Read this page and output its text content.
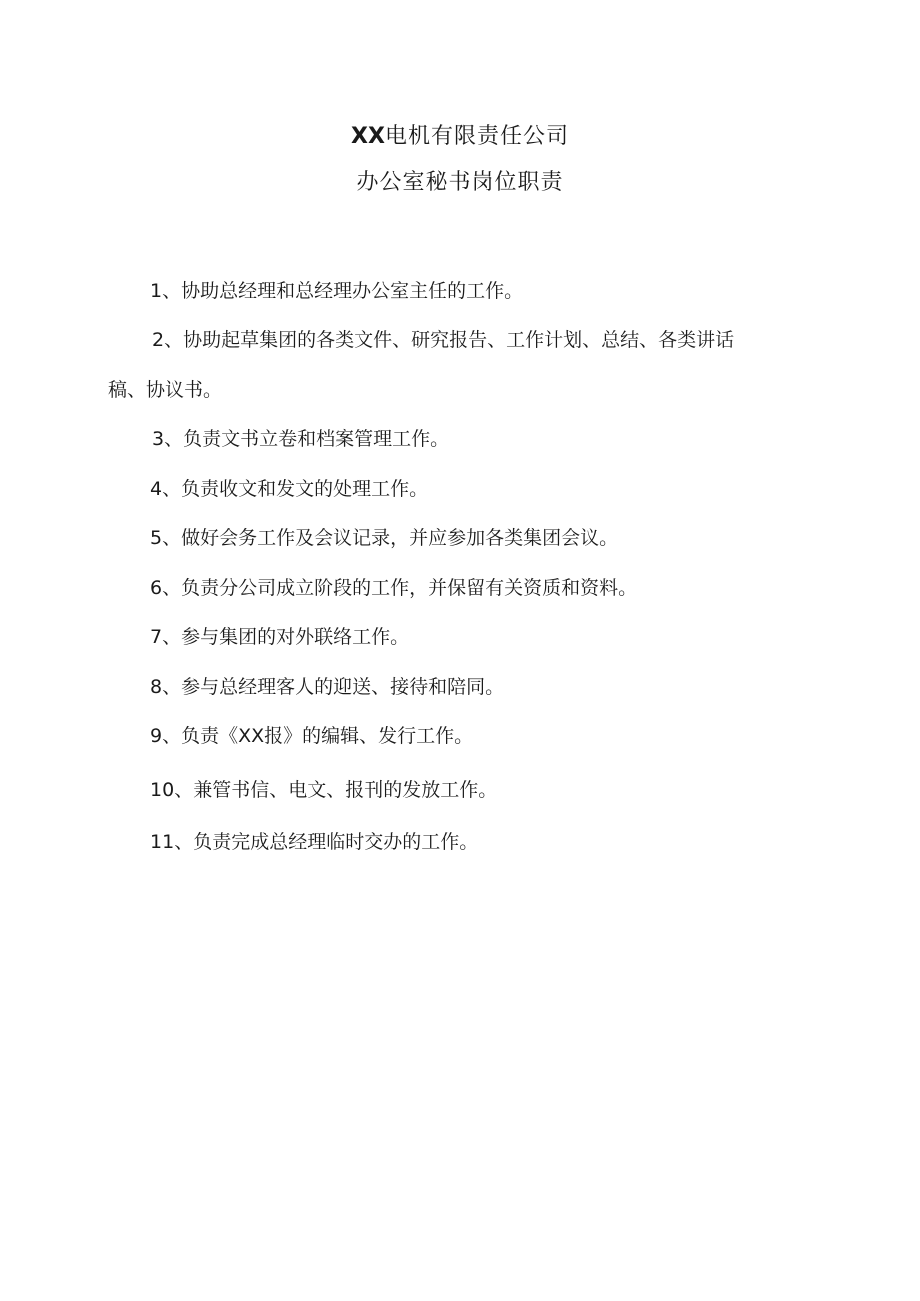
XX电机有限责任公司
办公室秘书岗位职责
1、协助总经理和总经理办公室主任的工作。
2、协助起草集团的各类文件、研究报告、工作计划、总结、各类讲话
稿、协议书。
3、负责文书立卷和档案管理工作。
4、负责收文和发文的处理工作。
5、做好会务工作及会议记录，并应参加各类集团会议。
6、负责分公司成立阶段的工作，并保留有关资质和资料。
7、参与集团的对外联络工作。
8、参与总经理客人的迎送、接待和陪同。
9、负责《XX报》的编辑、发行工作。
10、兼管书信、电文、报刊的发放工作。
11、负责完成总经理临时交办的工作。
